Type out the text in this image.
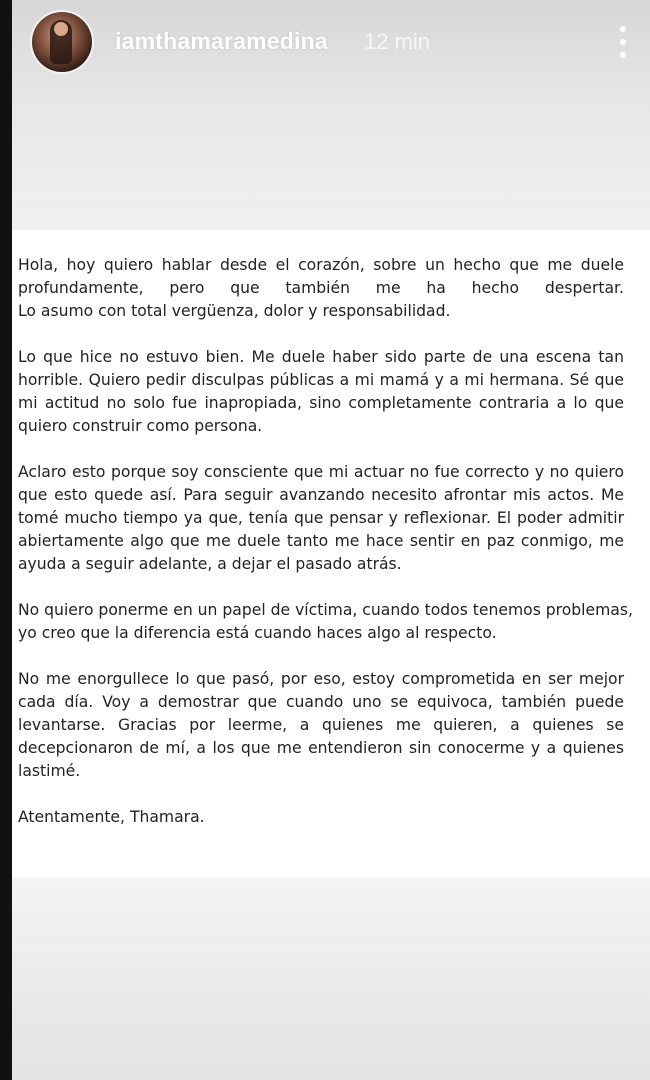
iamthamaramedina 12 min

Hola, hoy quiero hablar desde el corazón, sobre un hecho que me duele
profundamente, pero que también me ha hecho despertar.
Lo asumo con total vergüenza, dolor y responsabilidad.

Lo que hice no estuvo bien. Me duele haber sido parte de una escena tan
horrible. Quiero pedir disculpas públicas a mi mamá y a mi hermana. Sé que
mi actitud no solo fue inapropiada, sino completamente contraria a lo que
quiero construir como persona.

Aclaro esto porque soy consciente que mi actuar no fue correcto y no quiero
que esto quede así. Para seguir avanzando necesito afrontar mis actos. Me
tomé mucho tiempo ya que, tenía que pensar y reflexionar. El poder admitir
abiertamente algo que me duele tanto me hace sentir en paz conmigo, me
ayuda a seguir adelante, a dejar el pasado atrás.

No quiero ponerme en un papel de víctima, cuando todos tenemos problemas,
yo creo que la diferencia está cuando haces algo al respecto.

No me enorgullece lo que pasó, por eso, estoy comprometida en ser mejor
cada día. Voy a demostrar que cuando uno se equivoca, también puede
levantarse. Gracias por leerme, a quienes me quieren, a quienes se
decepcionaron de mí, a los que me entendieron sin conocerme y a quienes
lastimé.

Atentamente, Thamara.
